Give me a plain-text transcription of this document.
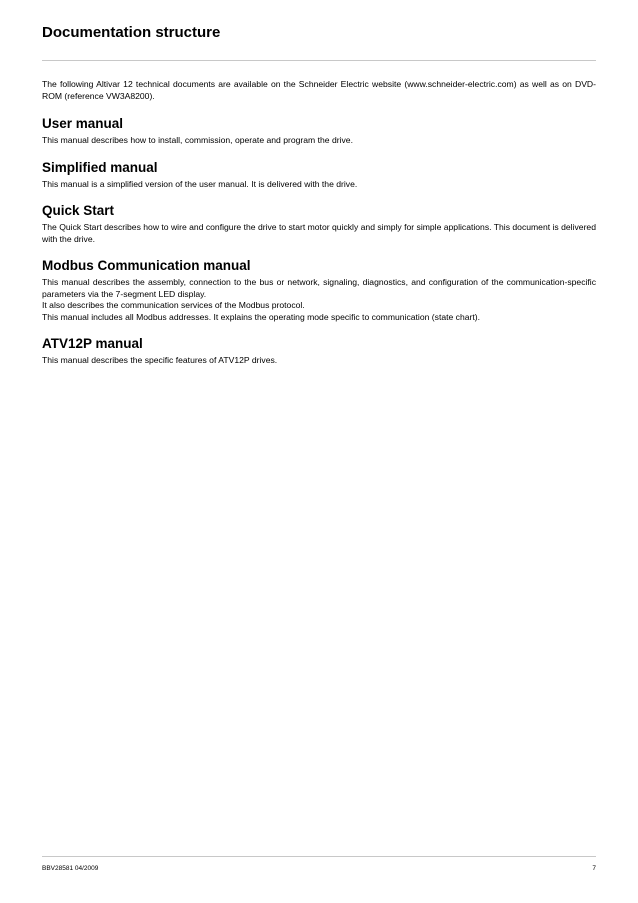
Documentation structure

The following Altivar 12 technical documents are available on the Schneider Electric website (www.schneider-electric.com) as well as on DVD-ROM (reference VW3A8200).

User manual

This manual describes how to install, commission, operate and program the drive.

Simplified manual

This manual is a simplified version of the user manual. It is delivered with the drive.

Quick Start

The Quick Start describes how to wire and configure the drive to start motor quickly and simply for simple applications. This document is delivered with the drive.

Modbus Communication manual

This manual describes the assembly, connection to the bus or network, signaling, diagnostics, and configuration of the communication-specific parameters via the 7-segment LED display.

It also describes the communication services of the Modbus protocol.

This manual includes all Modbus addresses. It explains the operating mode specific to communication (state chart).

ATV12P manual

This manual describes the specific features of ATV12P drives.

BBV28581 04/2009	7
